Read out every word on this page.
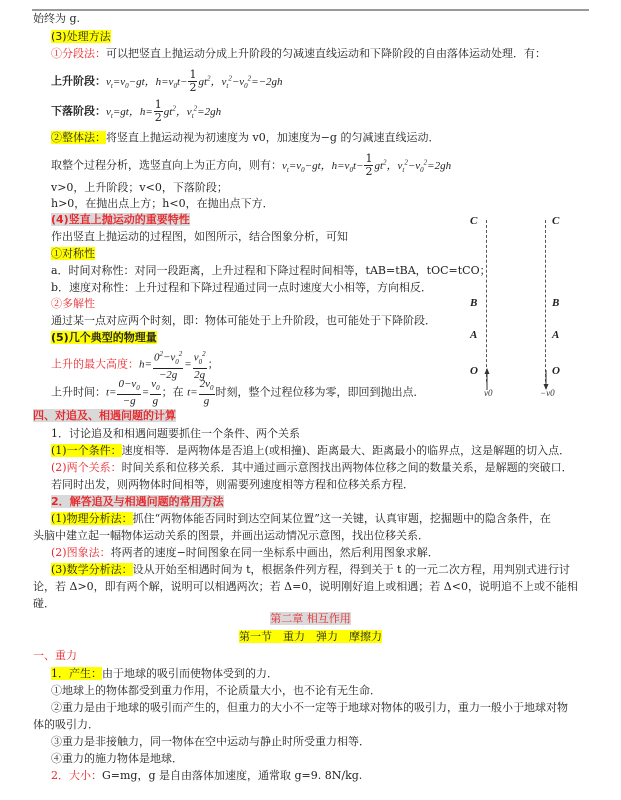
始终为 g.
(3)处理方法
①分段法：可以把竖直上抛运动分成上升阶段的匀减速直线运动和下降阶段的自由落体运动处理．有：
上升阶段：$v_t=v_0-gt$，$h=v_0t- \frac{1}{2} gt^2$，$v_t^2-v_0^2=-2gh$
下落阶段：$v_t=gt$，$h= \frac{1}{2} gt^2$，$v_t^2=2gh$
②整体法：将竖直上抛运动视为初速度为 v0，加速度为−g 的匀减速直线运动．
取整个过程分析，选竖直向上为正方向，则有：$v_t=v_0-gt$，$h=v_0t- \frac{1}{2} gt^2$，$v_t^2-v_0^2=2gh$
v>0，上升阶段；v<0，下落阶段；
h>0，在抛出点上方；h<0，在抛出点下方．
(4)竖直上抛运动的重要特性
作出竖直上抛运动的过程图，如图所示，结合图象分析，可知
①对称性
a．时间对称性：对同一段距离，上升过程和下降过程时间相等，tAB=tBA，tOC=tCO；
b．速度对称性：上升过程和下降过程通过同一点时速度大小相等，方向相反．
②多解性
通过某一点对应两个时刻，即：物体可能处于上升阶段，也可能处于下降阶段．
(5)几个典型的物理量
上升的最大高度：$h= \frac{0^2-v_0^2}{-2g} = \frac{v_0^2}{2g}$ ；
上升时间：$t= \frac{0-v_0}{-g} = \frac{v_0}{g}$ ；在 $t= \frac{2v_0}{g}$ 时刻，整个过程位移为零，即回到抛出点．
C
B
A
O
C
B
A
O
v0	−v0
四、对追及、相遇问题的计算
1．讨论追及和相遇问题要抓住一个条件、两个关系
(1)一个条件：速度相等．是两物体是否追上(或相撞)、距离最大、距离最小的临界点，这是解题的切入点．
(2)两个关系：时间关系和位移关系．其中通过画示意图找出两物体位移之间的数量关系，是解题的突破口．
若同时出发，则两物体时间相等，则需要列速度相等方程和位移关系方程．
2．解答追及与相遇问题的常用方法
(1)物理分析法：抓住“两物体能否同时到达空间某位置”这一关键，认真审题，挖掘题中的隐含条件，在
头脑中建立起一幅物体运动关系的图景，并画出运动情况示意图，找出位移关系．
(2)图象法：将两者的速度−时间图象在同一坐标系中画出，然后利用图象求解．
(3)数学分析法：设从开始至相遇时间为 t，根据条件列方程，得到关于 t 的一元二次方程，用判别式进行讨
论，若 Δ>0，即有两个解，说明可以相遇两次；若 Δ=0，说明刚好追上或相遇；若 Δ<0，说明追不上或不能相
碰．
第二章 相互作用
第一节　重力　弹力　摩擦力
一、重力
1．产生：由于地球的吸引而使物体受到的力．
①地球上的物体都受到重力作用，不论质量大小，也不论有无生命．
②重力是由于地球的吸引而产生的，但重力的大小不一定等于地球对物体的吸引力，重力一般小于地球对物
体的吸引力．
③重力是非接触力，同一物体在空中运动与静止时所受重力相等．
④重力的施力物体是地球．
2．大小：G=mg，g 是自由落体加速度，通常取 g=9. 8N/kg.
